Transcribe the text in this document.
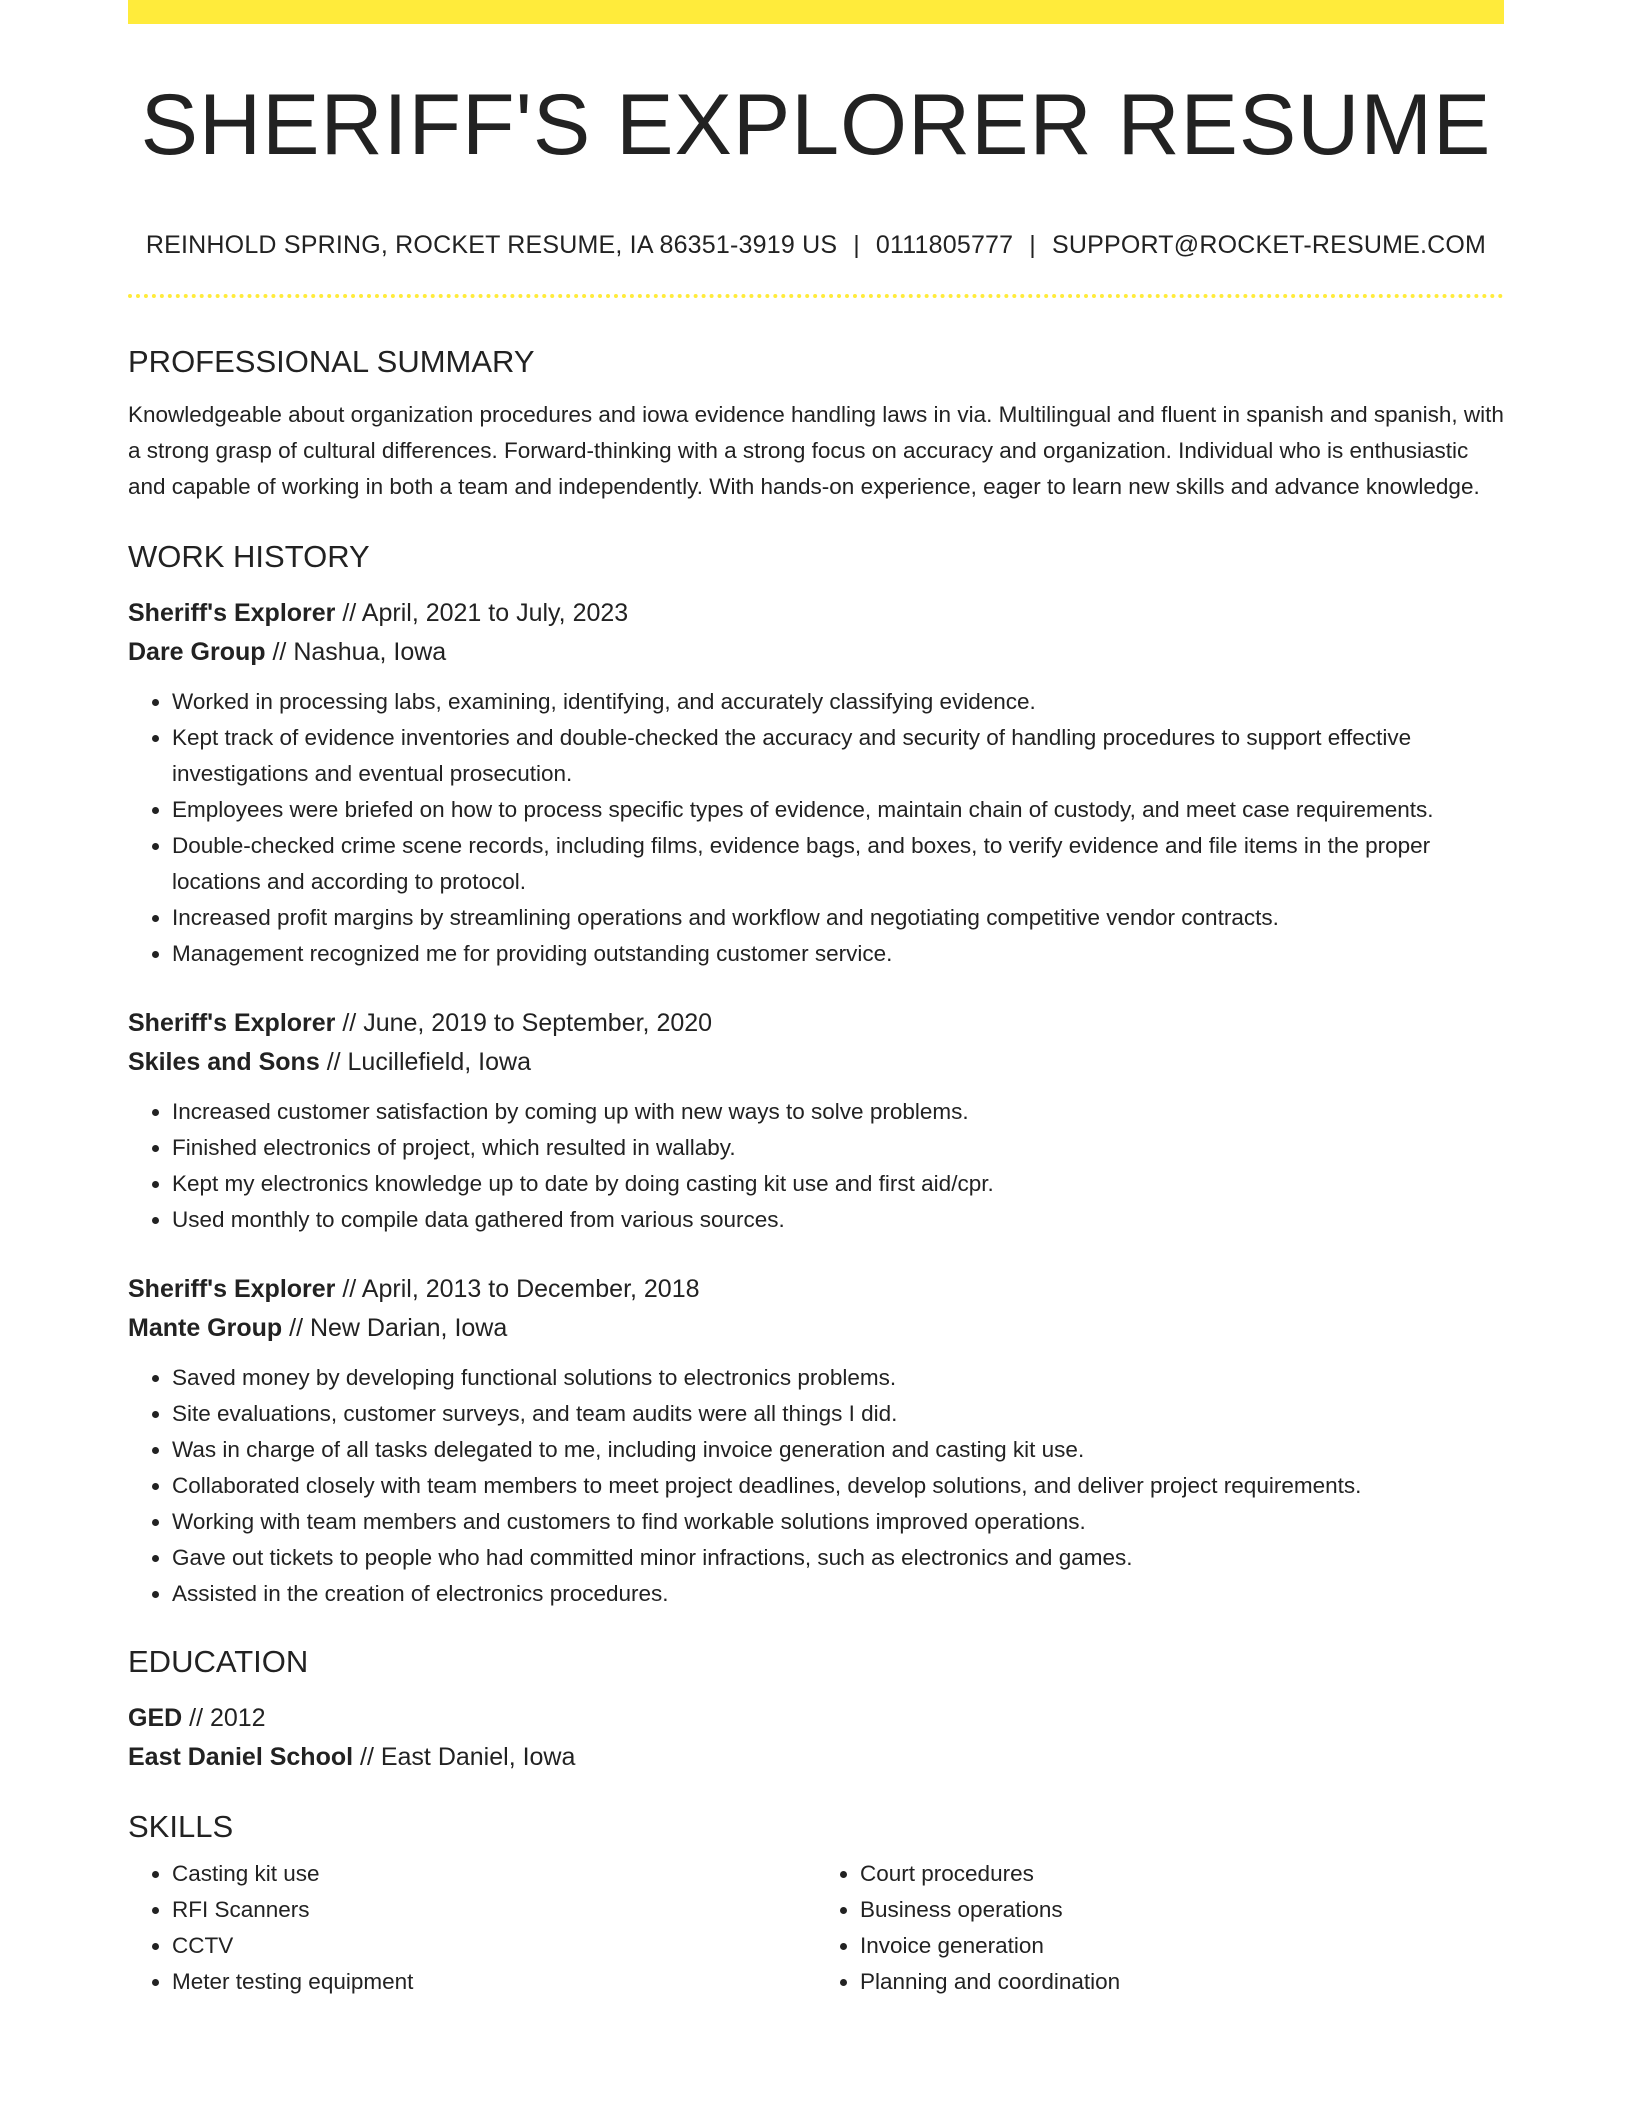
SHERIFF'S EXPLORER RESUME
REINHOLD SPRING, ROCKET RESUME, IA 86351-3919 US | 0111805777 | SUPPORT@ROCKET-RESUME.COM
PROFESSIONAL SUMMARY

Knowledgeable about organization procedures and iowa evidence handling laws in via. Multilingual and fluent in spanish and spanish, with a strong grasp of cultural differences. Forward-thinking with a strong focus on accuracy and organization. Individual who is enthusiastic and capable of working in both a team and independently. With hands-on experience, eager to learn new skills and advance knowledge.

WORK HISTORY

Sheriff's Explorer // April, 2021 to July, 2023

Dare Group // Nashua, Iowa

• Worked in processing labs, examining, identifying, and accurately classifying evidence.
• Kept track of evidence inventories and double-checked the accuracy and security of handling procedures to support effective investigations and eventual prosecution.
• Employees were briefed on how to process specific types of evidence, maintain chain of custody, and meet case requirements.
• Double-checked crime scene records, including films, evidence bags, and boxes, to verify evidence and file items in the proper locations and according to protocol.
• Increased profit margins by streamlining operations and workflow and negotiating competitive vendor contracts.
• Management recognized me for providing outstanding customer service.

Sheriff's Explorer // June, 2019 to September, 2020

Skiles and Sons // Lucillefield, Iowa

• Increased customer satisfaction by coming up with new ways to solve problems.
• Finished electronics of project, which resulted in wallaby.
• Kept my electronics knowledge up to date by doing casting kit use and first aid/cpr.
• Used monthly to compile data gathered from various sources.

Sheriff's Explorer // April, 2013 to December, 2018

Mante Group // New Darian, Iowa

• Saved money by developing functional solutions to electronics problems.
• Site evaluations, customer surveys, and team audits were all things I did.
• Was in charge of all tasks delegated to me, including invoice generation and casting kit use.
• Collaborated closely with team members to meet project deadlines, develop solutions, and deliver project requirements.
• Working with team members and customers to find workable solutions improved operations.
• Gave out tickets to people who had committed minor infractions, such as electronics and games.
• Assisted in the creation of electronics procedures.
EDUCATION

GED // 2012

East Daniel School // East Daniel, Iowa

SKILLS
• Casting kit use
• RFI Scanners
• CCTV
• Meter testing equipment
• Court procedures
• Business operations
• Invoice generation
• Planning and coordination
